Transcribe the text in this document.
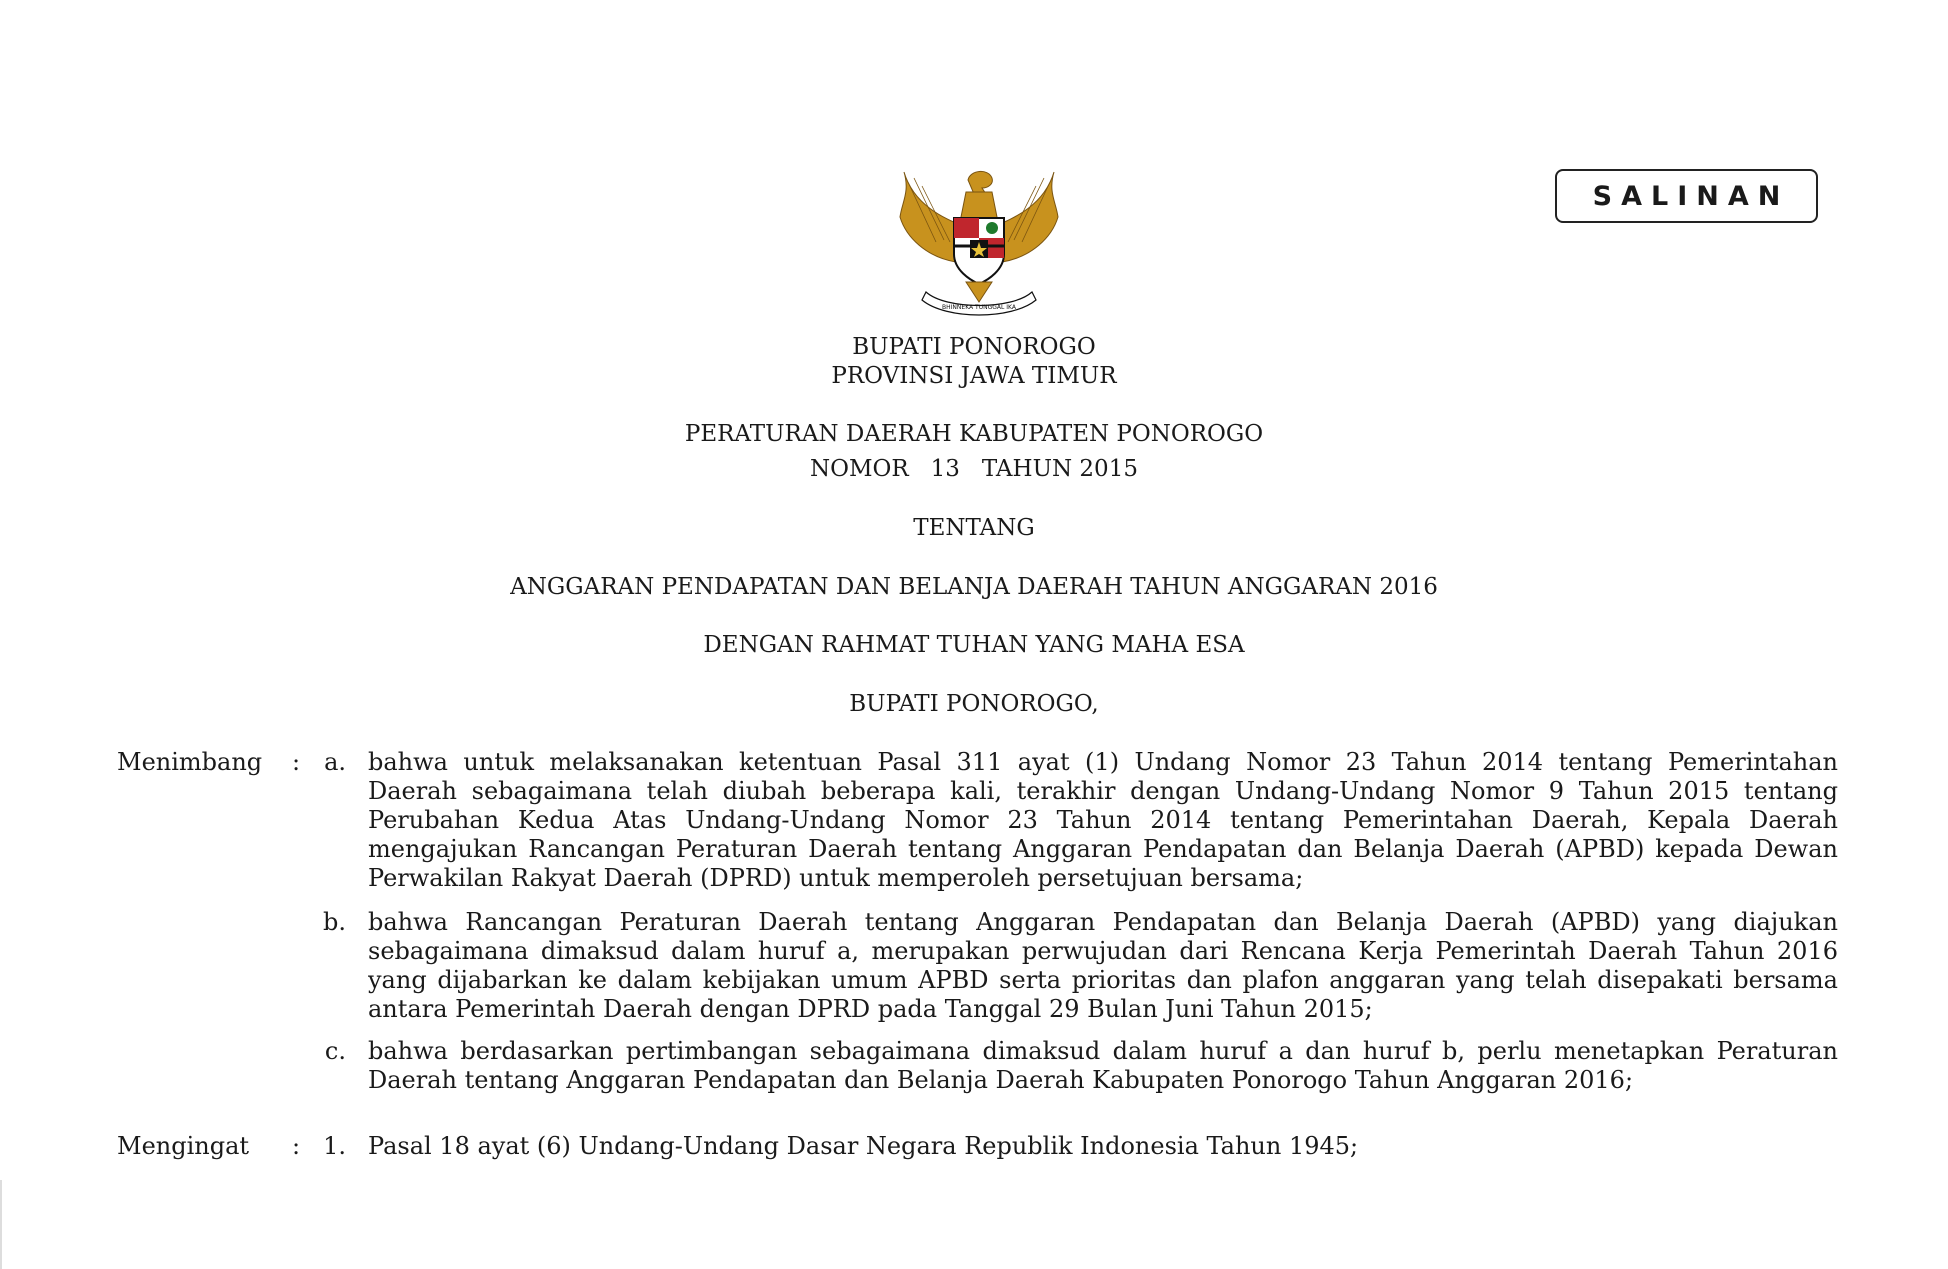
SALINAN
BHINNEKA TUNGGAL IKA
BUPATI PONOROGO
PROVINSI JAWA TIMUR
PERATURAN DAERAH KABUPATEN PONOROGO
NOMOR   13   TAHUN 2015
TENTANG
ANGGARAN PENDAPATAN DAN BELANJA DAERAH TAHUN ANGGARAN 2016
DENGAN RAHMAT TUHAN YANG MAHA ESA
BUPATI PONOROGO,
Menimbang : a. bahwa untuk melaksanakan ketentuan Pasal 311 ayat (1) Undang Nomor 23 Tahun 2014 tentang Pemerintahan
Daerah sebagaimana telah diubah beberapa kali, terakhir dengan Undang-Undang Nomor 9 Tahun 2015 tentang
Perubahan Kedua Atas Undang-Undang Nomor 23 Tahun 2014 tentang Pemerintahan Daerah, Kepala Daerah
mengajukan Rancangan Peraturan Daerah tentang Anggaran Pendapatan dan Belanja Daerah (APBD) kepada Dewan
Perwakilan Rakyat Daerah (DPRD) untuk memperoleh persetujuan bersama;
b. bahwa Rancangan Peraturan Daerah tentang Anggaran Pendapatan dan Belanja Daerah (APBD) yang diajukan
sebagaimana dimaksud dalam huruf a, merupakan perwujudan dari Rencana Kerja Pemerintah Daerah Tahun 2016
yang dijabarkan ke dalam kebijakan umum APBD serta prioritas dan plafon anggaran yang telah disepakati bersama
antara Pemerintah Daerah dengan DPRD pada Tanggal 29 Bulan Juni Tahun 2015;
c. bahwa berdasarkan pertimbangan sebagaimana dimaksud dalam huruf a dan huruf b, perlu menetapkan Peraturan
Daerah tentang Anggaran Pendapatan dan Belanja Daerah Kabupaten Ponorogo Tahun Anggaran 2016;
Mengingat : 1. Pasal 18 ayat (6) Undang-Undang Dasar Negara Republik Indonesia Tahun 1945;
